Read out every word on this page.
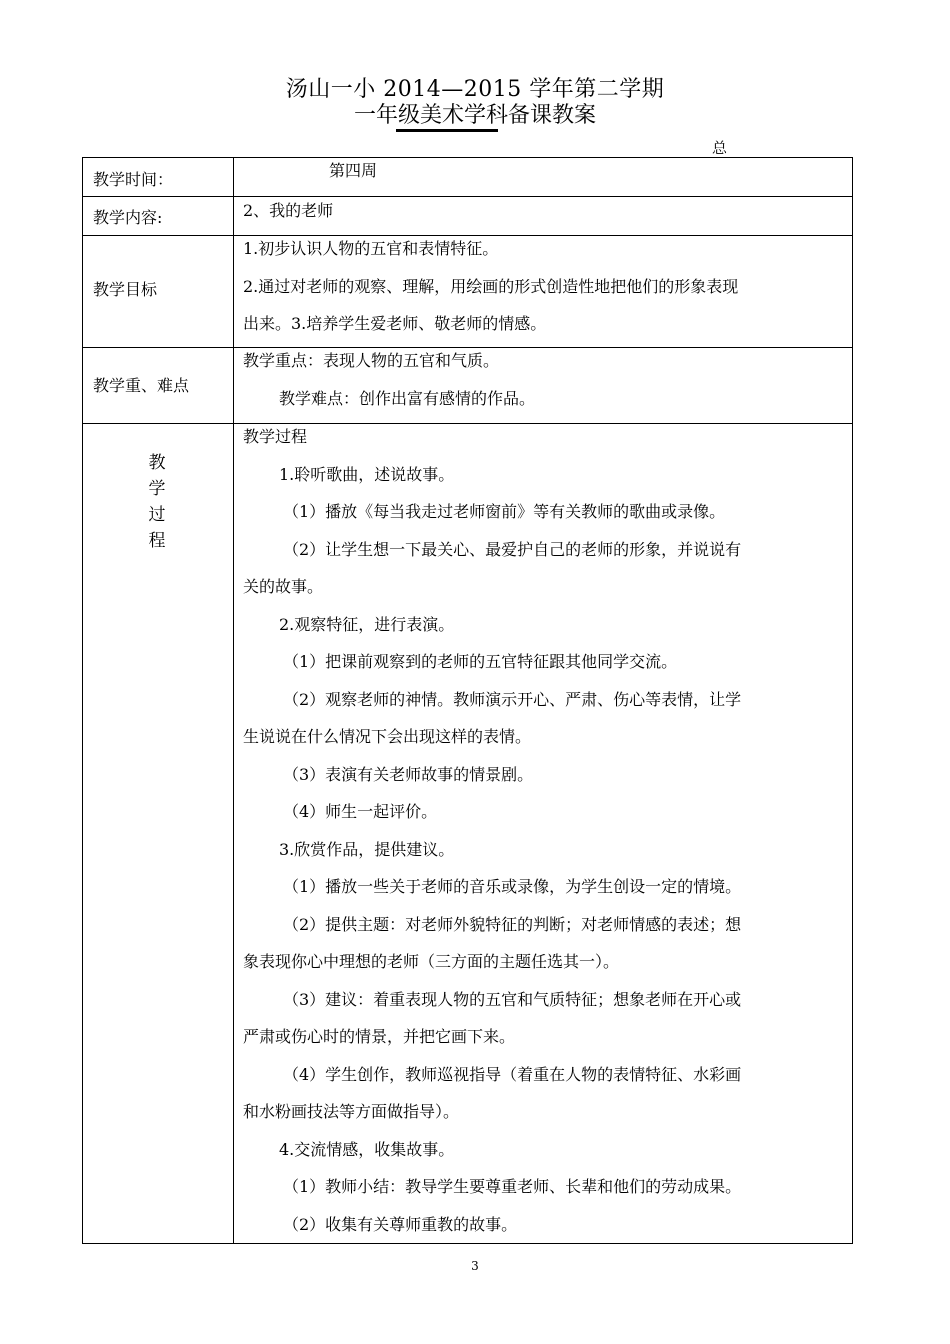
汤山一小 2014—2015 学年第二学期
一年级美术学科备课教案
总
教学时间：	第四周
教学内容:	2、我的老师
教学目标

1.初步认识人物的五官和表情特征。

2.通过对老师的观察、理解，用绘画的形式创造性地把他们的形象表现

出来。3.培养学生爱老师、敬老师的情感。

教学重、难点

教学重点：表现人物的五官和气质。

教学难点：创作出富有感情的作品。

教
学
过
程

教学过程

1.聆听歌曲，述说故事。

（1）播放《每当我走过老师窗前》等有关教师的歌曲或录像。

（2）让学生想一下最关心、最爱护自己的老师的形象，并说说有

关的故事。

2.观察特征，进行表演。

（1）把课前观察到的老师的五官特征跟其他同学交流。

（2）观察老师的神情。教师演示开心、严肃、伤心等表情，让学

生说说在什么情况下会出现这样的表情。

（3）表演有关老师故事的情景剧。

（4）师生一起评价。

3.欣赏作品，提供建议。

（1）播放一些关于老师的音乐或录像，为学生创设一定的情境。

（2）提供主题：对老师外貌特征的判断；对老师情感的表述；想

象表现你心中理想的老师（三方面的主题任选其一）。

（3）建议：着重表现人物的五官和气质特征；想象老师在开心或

严肃或伤心时的情景，并把它画下来。

（4）学生创作，教师巡视指导（着重在人物的表情特征、水彩画

和水粉画技法等方面做指导）。

4.交流情感，收集故事。

（1）教师小结：教导学生要尊重老师、长辈和他们的劳动成果。

（2）收集有关尊师重教的故事。

3
